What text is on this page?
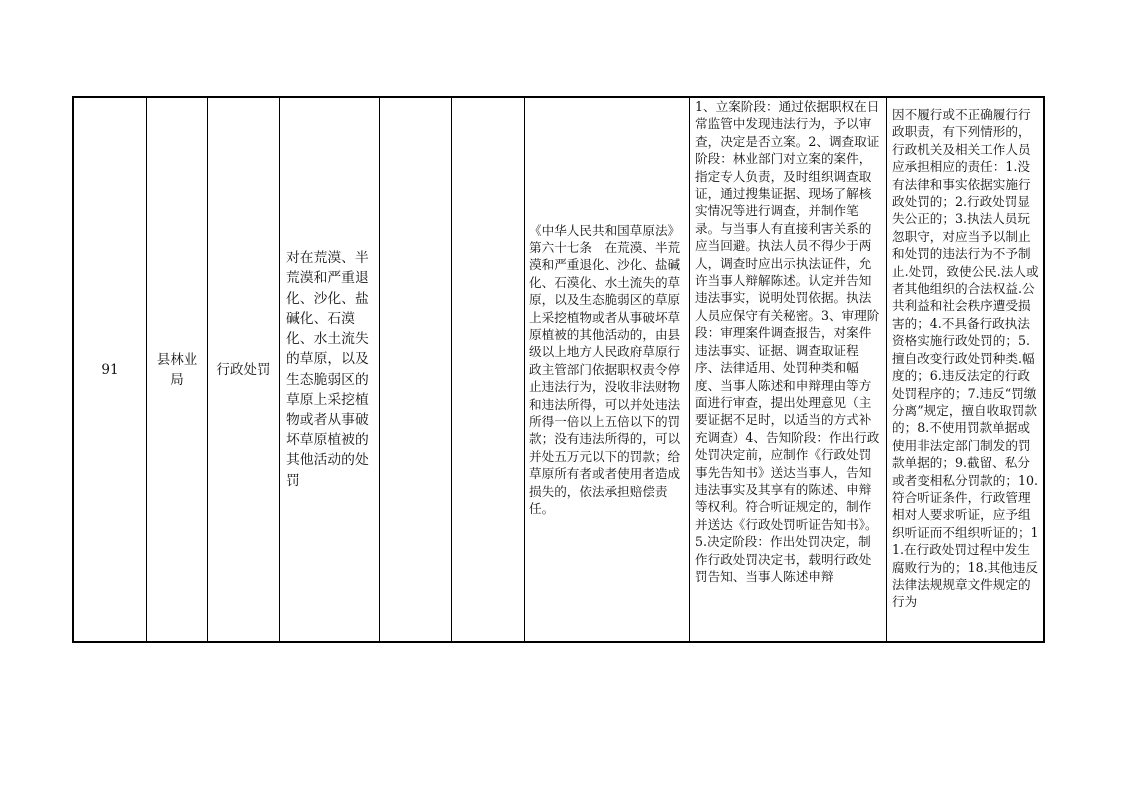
91
县林业局
行政处罚
对在荒漠、半荒漠和严重退化、沙化、盐碱化、石漠化、水土流失的草原，以及生态脆弱区的草原上采挖植物或者从事破坏草原植被的其他活动的处罚
《中华人民共和国草原法》第六十七条　在荒漠、半荒漠和严重退化、沙化、盐碱化、石漠化、水土流失的草原，以及生态脆弱区的草原上采挖植物或者从事破坏草原植被的其他活动的，由县级以上地方人民政府草原行政主管部门依据职权责令停止违法行为，没收非法财物和违法所得，可以并处违法所得一倍以上五倍以下的罚款；没有违法所得的，可以并处五万元以下的罚款；给草原所有者或者使用者造成损失的，依法承担赔偿责任。
1、立案阶段：通过依据职权在日常监管中发现违法行为，予以审查，决定是否立案。2、调查取证阶段：林业部门对立案的案件，指定专人负责，及时组织调查取证，通过搜集证据、现场了解核实情况等进行调查，并制作笔录。与当事人有直接利害关系的应当回避。执法人员不得少于两人，调查时应出示执法证件，允许当事人辩解陈述。认定并告知违法事实，说明处罚依据。执法人员应保守有关秘密。3、审理阶段：审理案件调查报告，对案件违法事实、证据、调查取证程序、法律适用、处罚种类和幅度、当事人陈述和申辩理由等方面进行审查，提出处理意见（主要证据不足时，以适当的方式补充调查）4、告知阶段：作出行政处罚决定前，应制作《行政处罚事先告知书》送达当事人，告知违法事实及其享有的陈述、申辩等权利。符合听证规定的，制作并送达《行政处罚听证告知书》。5.决定阶段：作出处罚决定，制作行政处罚决定书，载明行政处罚告知、当事人陈述申辩
因不履行或不正确履行行政职责，有下列情形的，行政机关及相关工作人员应承担相应的责任：1.没有法律和事实依据实施行政处罚的；2.行政处罚显失公正的；3.执法人员玩忽职守，对应当予以制止和处罚的违法行为不予制止.处罚，致使公民.法人或者其他组织的合法权益.公共利益和社会秩序遭受损害的；4.不具备行政执法资格实施行政处罚的；5.擅自改变行政处罚种类.幅度的；6.违反法定的行政处罚程序的；7.违反“罚缴分离”规定，擅自收取罚款的；8.不使用罚款单据或使用非法定部门制发的罚款单据的；9.截留、私分或者变相私分罚款的；10.符合听证条件，行政管理相对人要求听证，应予组织听证而不组织听证的；11.在行政处罚过程中发生腐败行为的；18.其他违反法律法规规章文件规定的行为
